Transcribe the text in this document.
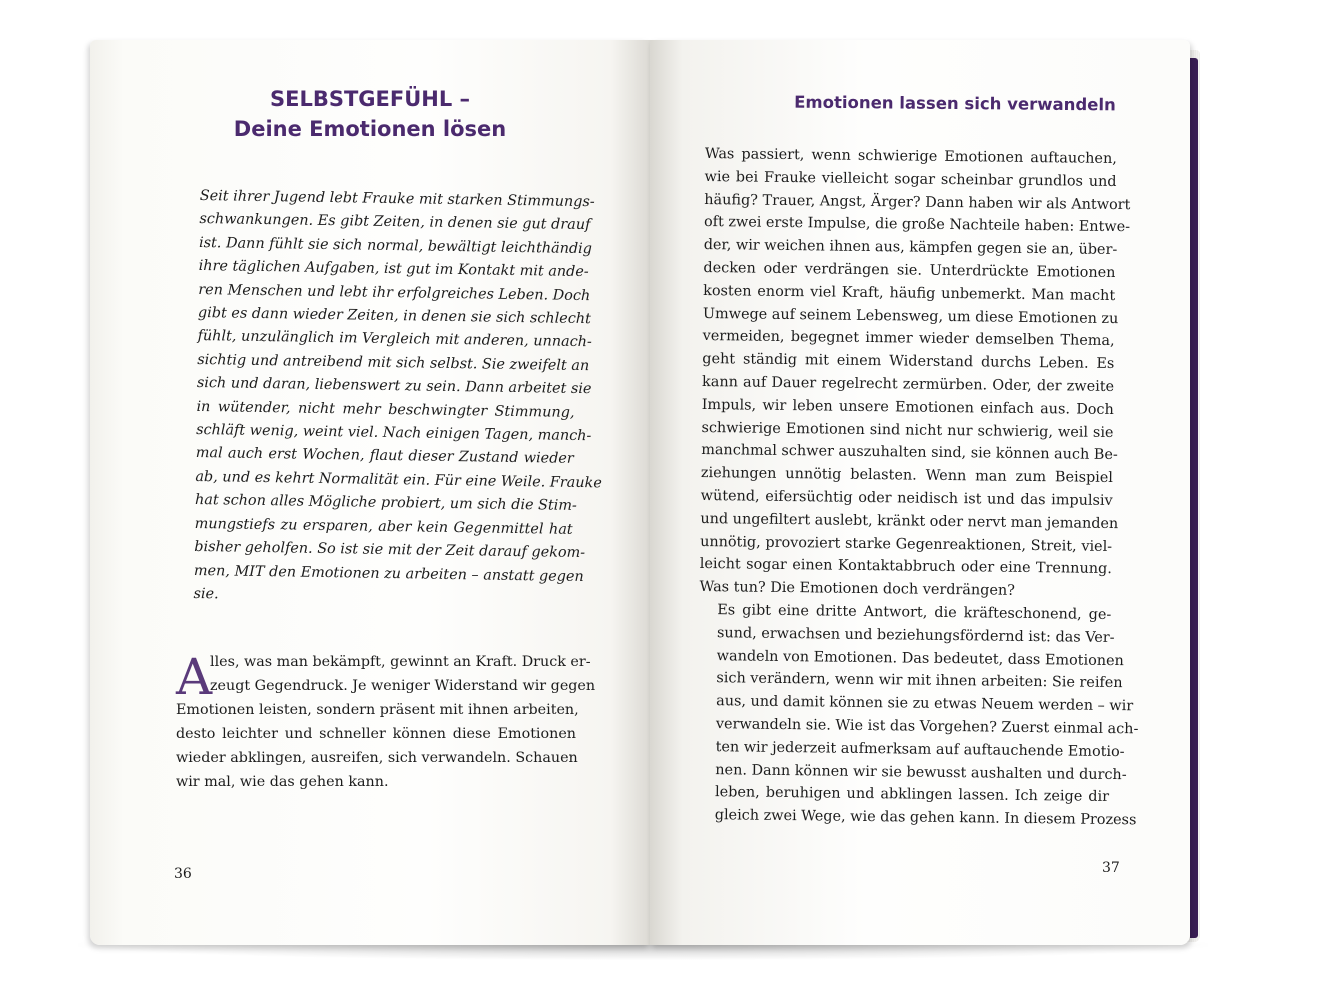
SELBSTGEFÜHL –
Deine Emotionen lösen
Seit ihrer Jugend lebt Frauke mit starken Stimmungs-
schwankungen. Es gibt Zeiten, in denen sie gut drauf
ist. Dann fühlt sie sich normal, bewältigt leichthändig
ihre täglichen Aufgaben, ist gut im Kontakt mit ande-
ren Menschen und lebt ihr erfolgreiches Leben. Doch
gibt es dann wieder Zeiten, in denen sie sich schlecht
fühlt, unzulänglich im Vergleich mit anderen, unnach-
sichtig und antreibend mit sich selbst. Sie zweifelt an
sich und daran, liebenswert zu sein. Dann arbeitet sie
in wütender, nicht mehr beschwingter Stimmung,
schläft wenig, weint viel. Nach einigen Tagen, manch-
mal auch erst Wochen, flaut dieser Zustand wieder
ab, und es kehrt Normalität ein. Für eine Weile. Frauke
hat schon alles Mögliche probiert, um sich die Stim-
mungstiefs zu ersparen, aber kein Gegenmittel hat
bisher geholfen. So ist sie mit der Zeit darauf gekom-
men, MIT den Emotionen zu arbeiten – anstatt gegen
sie.
A
lles, was man bekämpft, gewinnt an Kraft. Druck er-
zeugt Gegendruck. Je weniger Widerstand wir gegen
Emotionen leisten, sondern präsent mit ihnen arbeiten,
desto leichter und schneller können diese Emotionen
wieder abklingen, ausreifen, sich verwandeln. Schauen
wir mal, wie das gehen kann.
36
Emotionen lassen sich verwandeln
Was passiert, wenn schwierige Emotionen auftauchen,
wie bei Frauke vielleicht sogar scheinbar grundlos und
häufig? Trauer, Angst, Ärger? Dann haben wir als Antwort
oft zwei erste Impulse, die große Nachteile haben: Entwe-
der, wir weichen ihnen aus, kämpfen gegen sie an, über-
decken oder verdrängen sie. Unterdrückte Emotionen
kosten enorm viel Kraft, häufig unbemerkt. Man macht
Umwege auf seinem Lebensweg, um diese Emotionen zu
vermeiden, begegnet immer wieder demselben Thema,
geht ständig mit einem Widerstand durchs Leben. Es
kann auf Dauer regelrecht zermürben. Oder, der zweite
Impuls, wir leben unsere Emotionen einfach aus. Doch
schwierige Emotionen sind nicht nur schwierig, weil sie
manchmal schwer auszuhalten sind, sie können auch Be-
ziehungen unnötig belasten. Wenn man zum Beispiel
wütend, eifersüchtig oder neidisch ist und das impulsiv
und ungefiltert auslebt, kränkt oder nervt man jemanden
unnötig, provoziert starke Gegenreaktionen, Streit, viel-
leicht sogar einen Kontaktabbruch oder eine Trennung.
Was tun? Die Emotionen doch verdrängen?
Es gibt eine dritte Antwort, die kräfteschonend, ge-
sund, erwachsen und beziehungsfördernd ist: das Ver-
wandeln von Emotionen. Das bedeutet, dass Emotionen
sich verändern, wenn wir mit ihnen arbeiten: Sie reifen
aus, und damit können sie zu etwas Neuem werden – wir
verwandeln sie. Wie ist das Vorgehen? Zuerst einmal ach-
ten wir jederzeit aufmerksam auf auftauchende Emotio-
nen. Dann können wir sie bewusst aushalten und durch-
leben, beruhigen und abklingen lassen. Ich zeige dir
gleich zwei Wege, wie das gehen kann. In diesem Prozess
37
